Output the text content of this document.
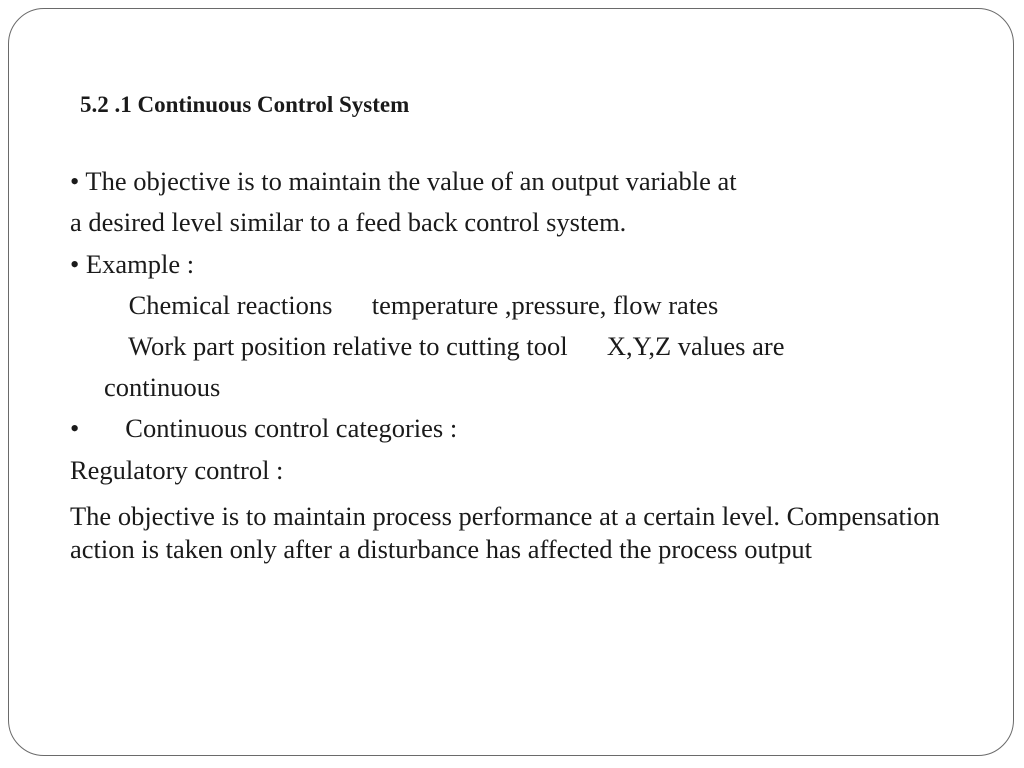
5.2 .1 Continuous Control System
• The objective is to maintain the value of an output variable at
a desired level similar to a feed back control system.
• Example :
Chemical reactions temperature ,pressure, flow rates
Work part position relative to cutting tool X,Y,Z values are
continuous
• Continuous control categories :
Regulatory control :
The objective is to maintain process performance at a certain level. Compensation action is taken only after a disturbance has affected the process output
